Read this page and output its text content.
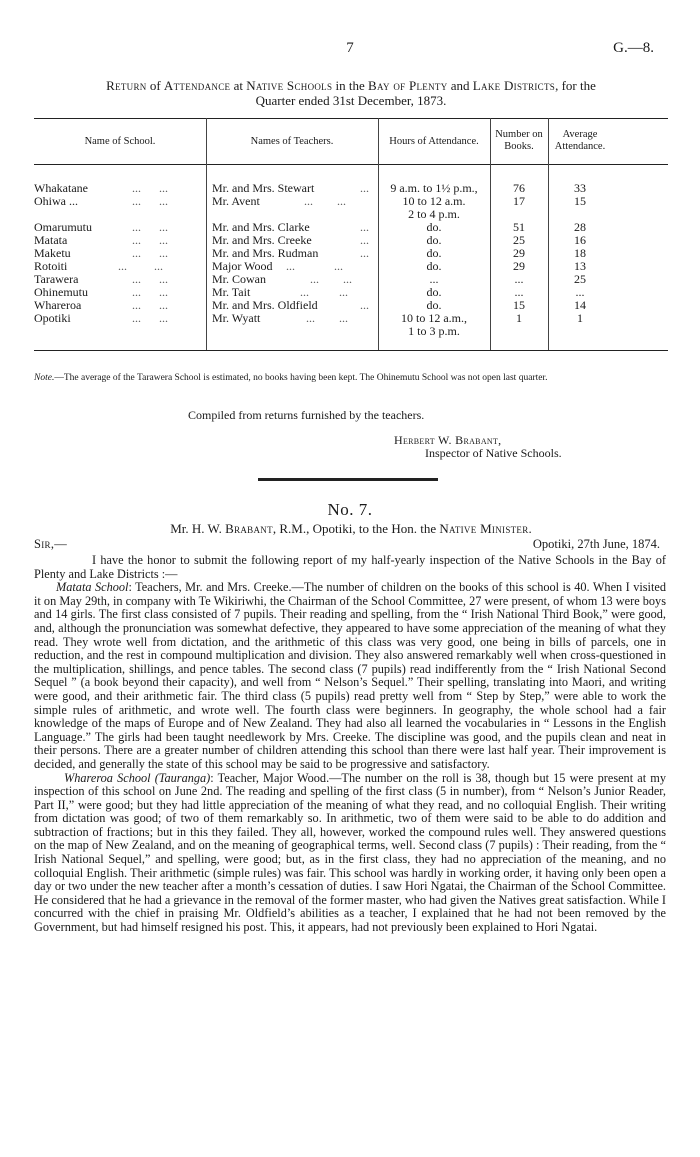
7	G.—8.
Return of Attendance at Native Schools in the Bay of Plenty and Lake Districts, for the
Quarter ended 31st December, 1873.
Name of School.	Names of Teachers.	Hours of Attendance.
Number on
Books.
Average
Attendance.
Whakatane	...      ...	Mr. and Mrs. Stewart	...	9 a.m. to 1½ p.m.,	76	33
Ohiwa ...	...      ...	Mr. Avent	...        ...	10 to 12 a.m.	17	15
2 to 4 p.m.
Omarumutu	...      ...	Mr. and Mrs. Clarke	...	do.	51	28
Matata	...      ...	Mr. and Mrs. Creeke	...	do.	25	16
Maketu	...      ...	Mr. and Mrs. Rudman	...	do.	29	18
Rotoiti	...         ...	Major Wood ...             ...	do.	29	13
Tarawera	...      ...	Mr. Cowan	...        ...	...	...	25
Ohinemutu	...      ...	Mr. Tait	...          ...	do.	...	...
Whareroa	...      ...	Mr. and Mrs. Oldfield	...	do.	15	14
Opotiki	...      ...	Mr. Wyatt	...        ...	10 to 12 a.m.,	1	1
1 to 3 p.m.
Note.—The average of the Tarawera School is estimated, no books having been kept. The Ohinemutu School was not open last quarter.
Compiled from returns furnished by the teachers.
Herbert W. Brabant,
Inspector of Native Schools.
No. 7.
Mr. H. W. Brabant, R.M., Opotiki, to the Hon. the Native Minister.
Sir,—	Opotiki, 27th June, 1874.

I have the honor to submit the following report of my half-yearly inspection of the Native Schools in the Bay of Plenty and Lake Districts :—

Matata School: Teachers, Mr. and Mrs. Creeke.—The number of children on the books of this school is 40. When I visited it on May 29th, in company with Te Wikiriwhi, the Chairman of the School Committee, 27 were present, of whom 13 were boys and 14 girls. The first class consisted of 7 pupils. Their reading and spelling, from the “ Irish National Third Book,” were good, and, although the pronunciation was somewhat defective, they appeared to have some appreciation of the meaning of what they read. They wrote well from dictation, and the arithmetic of this class was very good, one being in bills of parcels, one in reduction, and the rest in compound multiplication and division. They also answered remarkably well when cross-questioned in the multiplication, shillings, and pence tables. The second class (7 pupils) read indifferently from the “ Irish National Second Sequel ” (a book beyond their capacity), and well from “ Nelson’s Sequel.” Their spelling, translating into Maori, and writing were good, and their arithmetic fair. The third class (5 pupils) read pretty well from “ Step by Step,” were able to work the simple rules of arithmetic, and wrote well. The fourth class were beginners. In geography, the whole school had a fair knowledge of the maps of Europe and of New Zealand. They had also all learned the vocabularies in “ Lessons in the English Language.” The girls had been taught needlework by Mrs. Creeke. The discipline was good, and the pupils clean and neat in their persons. There are a greater number of children attending this school than there were last half year. Their improvement is decided, and generally the state of this school may be said to be progressive and satisfactory.

Whareroa School (Tauranga): Teacher, Major Wood.—The number on the roll is 38, though but 15 were present at my inspection of this school on June 2nd. The reading and spelling of the first class (5 in number), from “ Nelson’s Junior Reader, Part II,” were good; but they had little appreciation of the meaning of what they read, and no colloquial English. Their writing from dictation was good; of two of them remarkably so. In arithmetic, two of them were said to be able to do addition and subtraction of fractions; but in this they failed. They all, however, worked the compound rules well. They answered questions on the map of New Zealand, and on the meaning of geographical terms, well. Second class (7 pupils) : Their reading, from the “ Irish National Sequel,” and spelling, were good; but, as in the first class, they had no appreciation of the meaning, and no colloquial English. Their arithmetic (simple rules) was fair. This school was hardly in working order, it having only been open a day or two under the new teacher after a month’s cessation of duties. I saw Hori Ngatai, the Chairman of the School Committee. He considered that he had a grievance in the removal of the former master, who had given the Natives great satisfaction. While I concurred with the chief in praising Mr. Oldfield’s abilities as a teacher, I explained that he had not been removed by the Government, but had himself resigned his post. This, it appears, had not previously been explained to Hori Ngatai.
